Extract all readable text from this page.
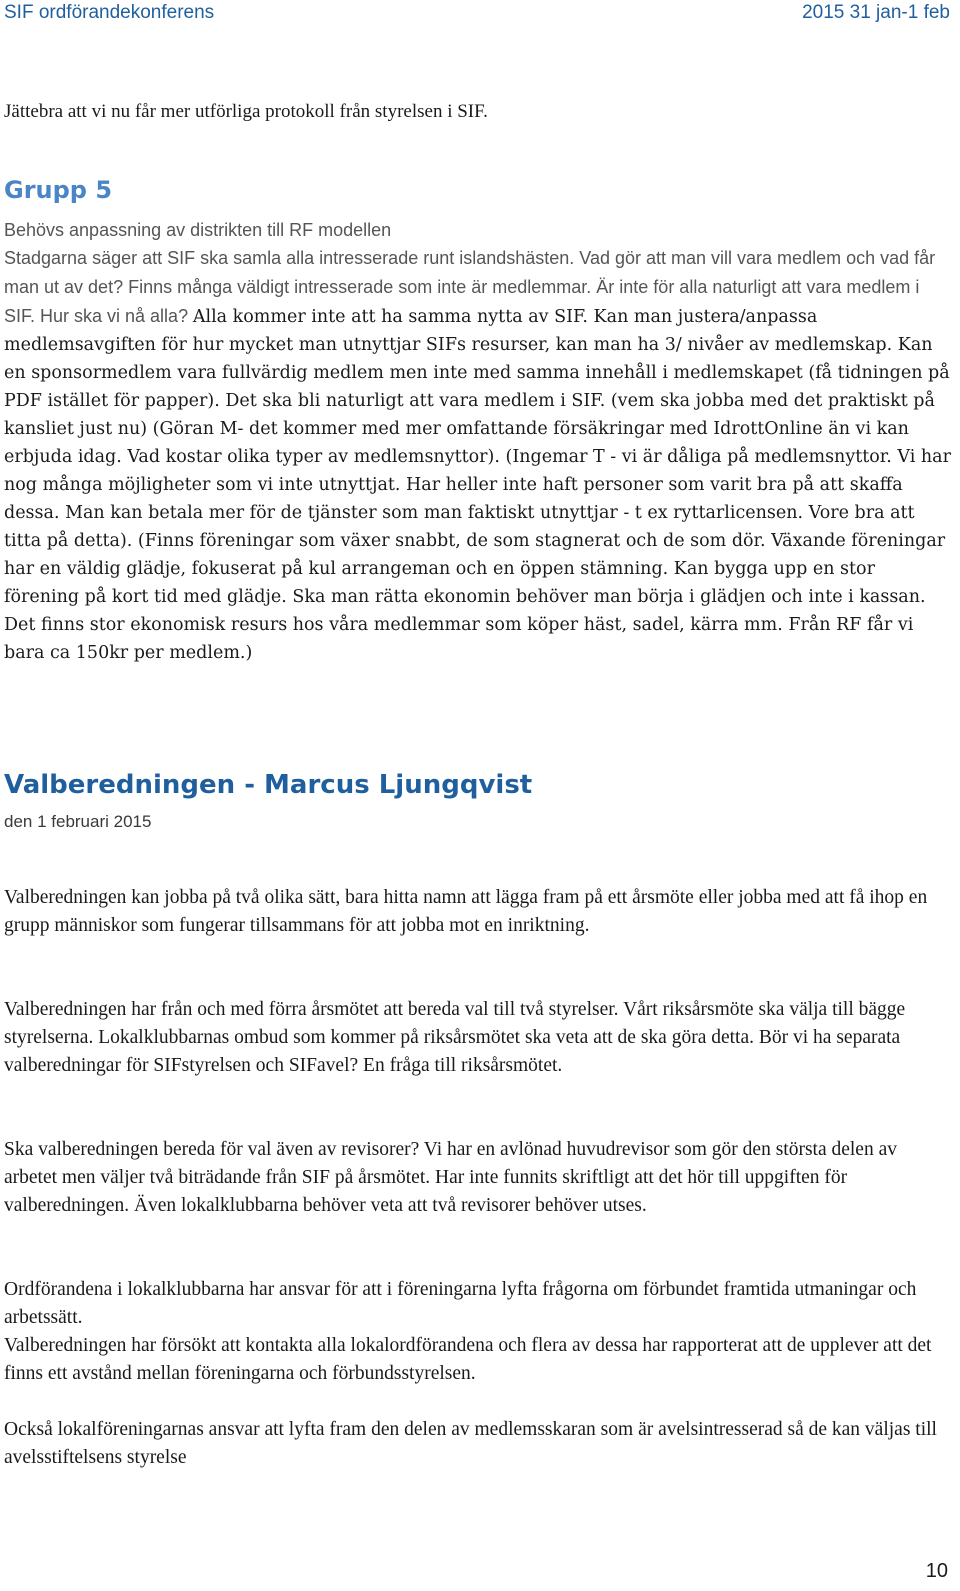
SIF ordförandekonferens	2015 31 jan-1 feb

Jättebra att vi nu får mer utförliga protokoll från styrelsen i SIF.

Grupp 5

Behövs anpassning av distrikten till RF modellen

Stadgarna säger att SIF ska samla alla intresserade runt islandshästen. Vad gör att man vill vara medlem och vad får man ut av det? Finns många väldigt intresserade som inte är medlemmar. Är inte för alla naturligt att vara medlem i SIF. Hur ska vi nå alla? Alla kommer inte att ha samma nytta av SIF. Kan man justera/anpassa medlemsavgiften för hur mycket man utnyttjar SIFs resurser, kan man ha 3/ nivåer av medlemskap. Kan en sponsormedlem vara fullvärdig medlem men inte med samma innehåll i medlemskapet (få tidningen på PDF istället för papper). Det ska bli naturligt att vara medlem i SIF. (vem ska jobba med det praktiskt på kansliet just nu) (Göran M- det kommer med mer omfattande försäkringar med IdrottOnline än vi kan erbjuda idag. Vad kostar olika typer av medlemsnyttor). (Ingemar T - vi är dåliga på medlemsnyttor. Vi har nog många möjligheter som vi inte utnyttjat. Har heller inte haft personer som varit bra på att skaffa dessa. Man kan betala mer för de tjänster som man faktiskt utnyttjar - t ex ryttarlicensen. Vore bra att titta på detta). (Finns föreningar som växer snabbt, de som stagnerat och de som dör. Växande föreningar har en väldig glädje, fokuserat på kul arrangeman och en öppen stämning. Kan bygga upp en stor förening på kort tid med glädje. Ska man rätta ekonomin behöver man börja i glädjen och inte i kassan. Det finns stor ekonomisk resurs hos våra medlemmar som köper häst, sadel, kärra mm. Från RF får vi bara ca 150kr per medlem.)

Valberedningen - Marcus Ljungqvist
den 1 februari 2015

Valberedningen kan jobba på två olika sätt, bara hitta namn att lägga fram på ett årsmöte eller jobba med att få ihop en grupp människor som fungerar tillsammans för att jobba mot en inriktning.

Valberedningen har från och med förra årsmötet att bereda val till två styrelser. Vårt riksårsmöte ska välja till bägge styrelserna. Lokalklubbarnas ombud som kommer på riksårsmötet ska veta att de ska göra detta. Bör vi ha separata valberedningar för SIFstyrelsen och SIFavel? En fråga till riksårsmötet.

Ska valberedningen bereda för val även av revisorer? Vi har en avlönad huvudrevisor som gör den största delen av arbetet men väljer två biträdande från SIF på årsmötet. Har inte funnits skriftligt att det hör till uppgiften för valberedningen. Även lokalklubbarna behöver veta att två revisorer behöver utses.

Ordförandena i lokalklubbarna har ansvar för att i föreningarna lyfta frågorna om förbundet framtida utmaningar och arbetssätt.

Valberedningen har försökt att kontakta alla lokalordförandena och flera av dessa har rapporterat att de upplever att det finns ett avstånd mellan föreningarna och förbundsstyrelsen.

Också lokalföreningarnas ansvar att lyfta fram den delen av medlemsskaran som är avelsintresserad så de kan väljas till avelsstiftelsens styrelse

10
